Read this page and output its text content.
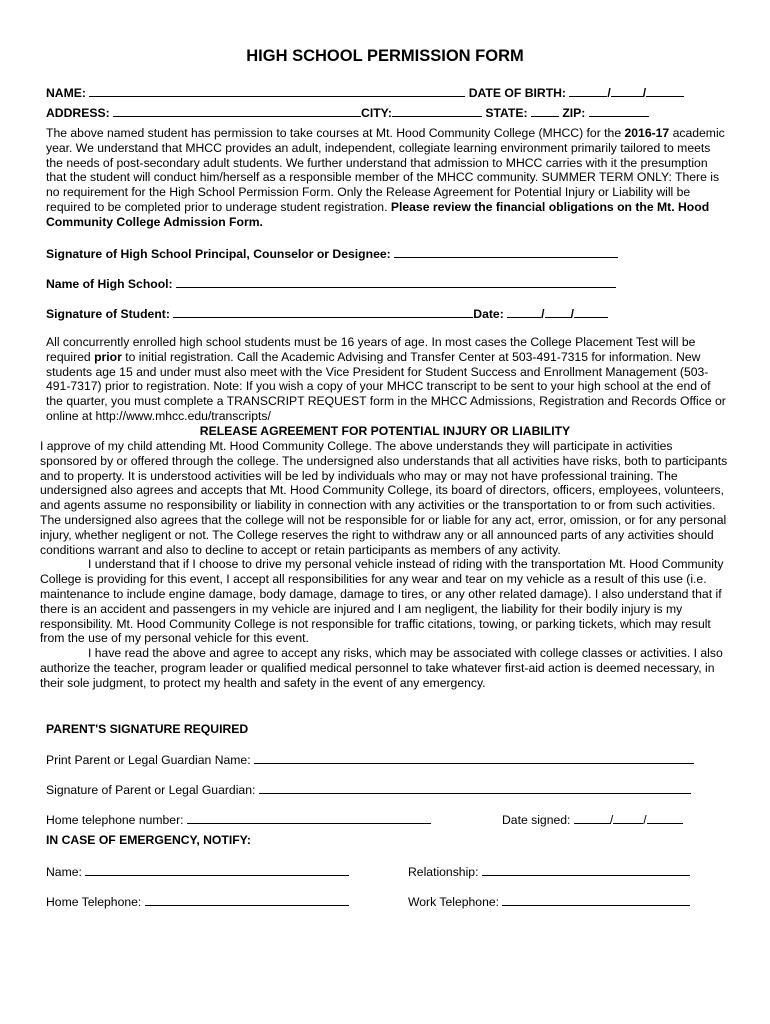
HIGH SCHOOL PERMISSION FORM
NAME:	DATE OF BIRTH:	/	/
ADDRESS:	CITY:	STATE:	ZIP:
The above named student has permission to take courses at Mt. Hood Community College (MHCC) for the 2016-17 academic year. We understand that MHCC provides an adult, independent, collegiate learning environment primarily tailored to meets the needs of post-secondary adult students. We further understand that admission to MHCC carries with it the presumption that the student will conduct him/herself as a responsible member of the MHCC community. SUMMER TERM ONLY: There is no requirement for the High School Permission Form. Only the Release Agreement for Potential Injury or Liability will be required to be completed prior to underage student registration. Please review the financial obligations on the Mt. Hood Community College Admission Form.
Signature of High School Principal, Counselor or Designee:
Name of High School:
Signature of Student:	Date:	/ /
All concurrently enrolled high school students must be 16 years of age. In most cases the College Placement Test will be required prior to initial registration. Call the Academic Advising and Transfer Center at 503-491-7315 for information. New students age 15 and under must also meet with the Vice President for Student Success and Enrollment Management (503-491-7317) prior to registration. Note: If you wish a copy of your MHCC transcript to be sent to your high school at the end of the quarter, you must complete a TRANSCRIPT REQUEST form in the MHCC Admissions, Registration and Records Office or online at http://www.mhcc.edu/transcripts/
RELEASE AGREEMENT FOR POTENTIAL INJURY OR LIABILITY

I approve of my child attending Mt. Hood Community College. The above understands they will participate in activities sponsored by or offered through the college. The undersigned also understands that all activities have risks, both to participants and to property. It is understood activities will be led by individuals who may or may not have professional training. The undersigned also agrees and accepts that Mt. Hood Community College, its board of directors, officers, employees, volunteers, and agents assume no responsibility or liability in connection with any activities or the transportation to or from such activities. The undersigned also agrees that the college will not be responsible for or liable for any act, error, omission, or for any personal injury, whether negligent or not. The College reserves the right to withdraw any or all announced parts of any activities should conditions warrant and also to decline to accept or retain participants as members of any activity.

I understand that if I choose to drive my personal vehicle instead of riding with the transportation Mt. Hood Community College is providing for this event, I accept all responsibilities for any wear and tear on my vehicle as a result of this use (i.e. maintenance to include engine damage, body damage, damage to tires, or any other related damage). I also understand that if there is an accident and passengers in my vehicle are injured and I am negligent, the liability for their bodily injury is my responsibility. Mt. Hood Community College is not responsible for traffic citations, towing, or parking tickets, which may result from the use of my personal vehicle for this event.

I have read the above and agree to accept any risks, which may be associated with college classes or activities. I also authorize the teacher, program leader or qualified medical personnel to take whatever first-aid action is deemed necessary, in their sole judgment, to protect my health and safety in the event of any emergency.

PARENT'S SIGNATURE REQUIRED
Print Parent or Legal Guardian Name:
Signature of Parent or Legal Guardian:
Home telephone number:	Date signed:	/ /
IN CASE OF EMERGENCY, NOTIFY:
Name:	Relationship:
Home Telephone:	Work Telephone:
